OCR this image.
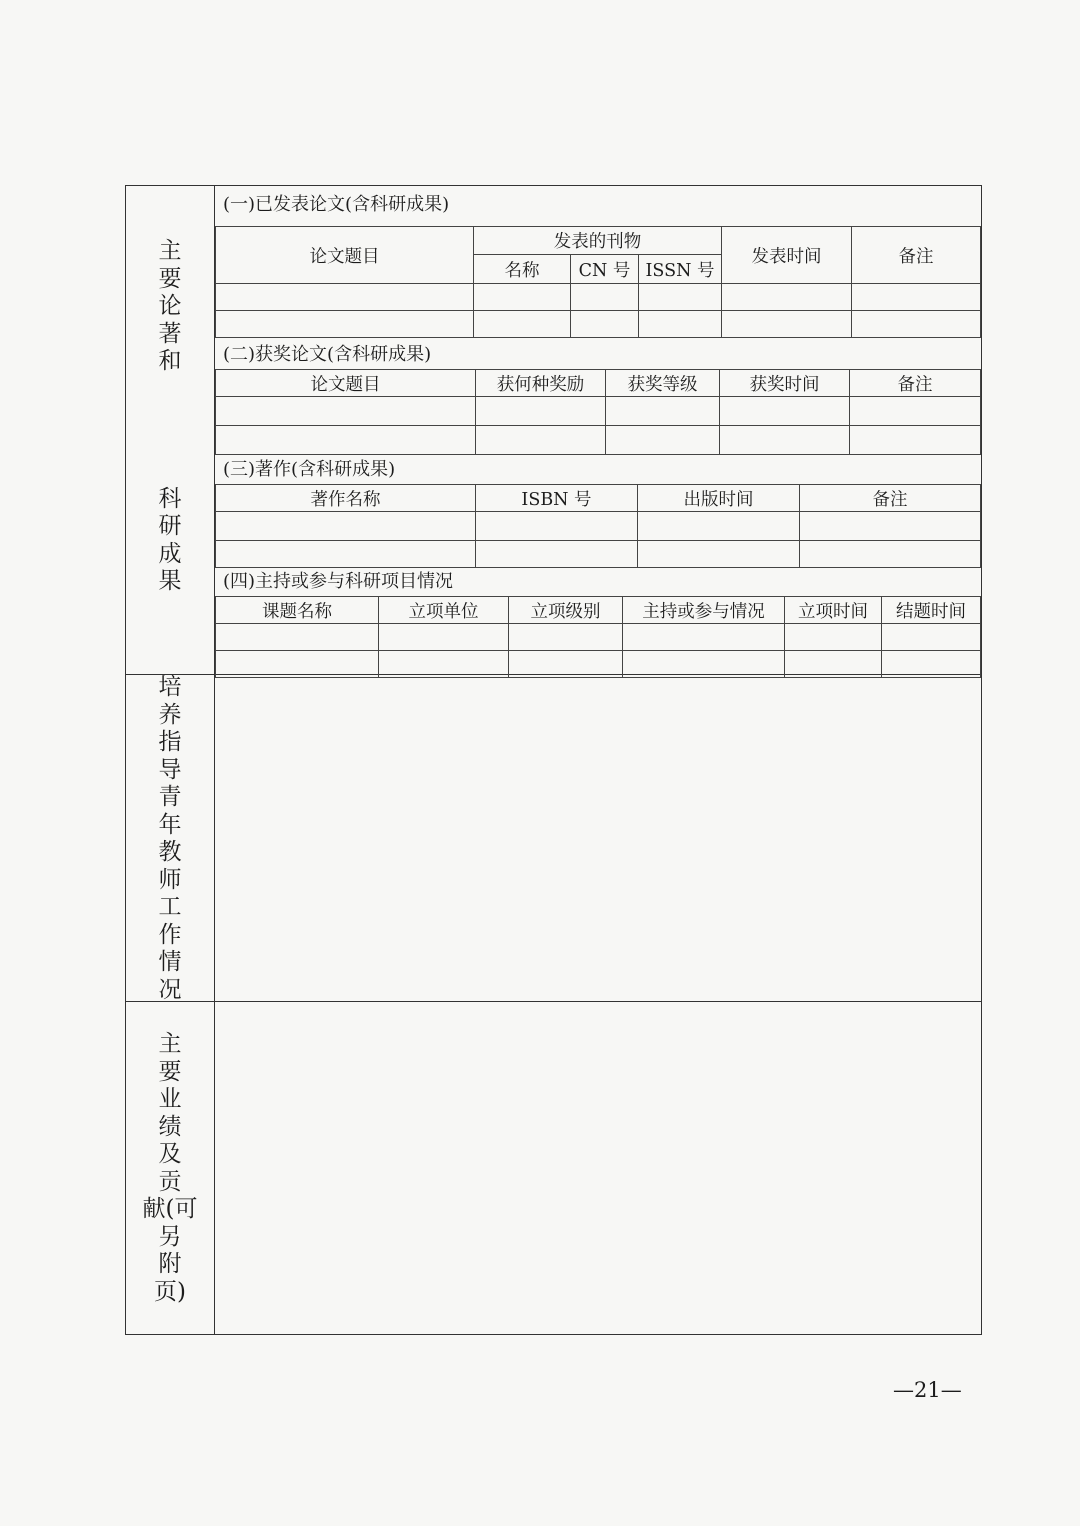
主
要
论
著
和

科
研
成
果
培
养
指
导
青
年
教
师
工
作
情
况
主
要
业
绩
及
贡
献(可
另
附
页)
(一)已发表论文(含科研成果)
论文题目	发表的刊物			发表时间	备注
	名称	CN 号	ISSN 号		

(二)获奖论文(含科研成果)
论文题目	获何种奖励	获奖等级	获奖时间	备注

(三)著作(含科研成果)
著作名称	ISBN 号	出版时间	备注

(四)主持或参与科研项目情况
课题名称	立项单位	立项级别	主持或参与情况	立项时间	结题时间

—21—
